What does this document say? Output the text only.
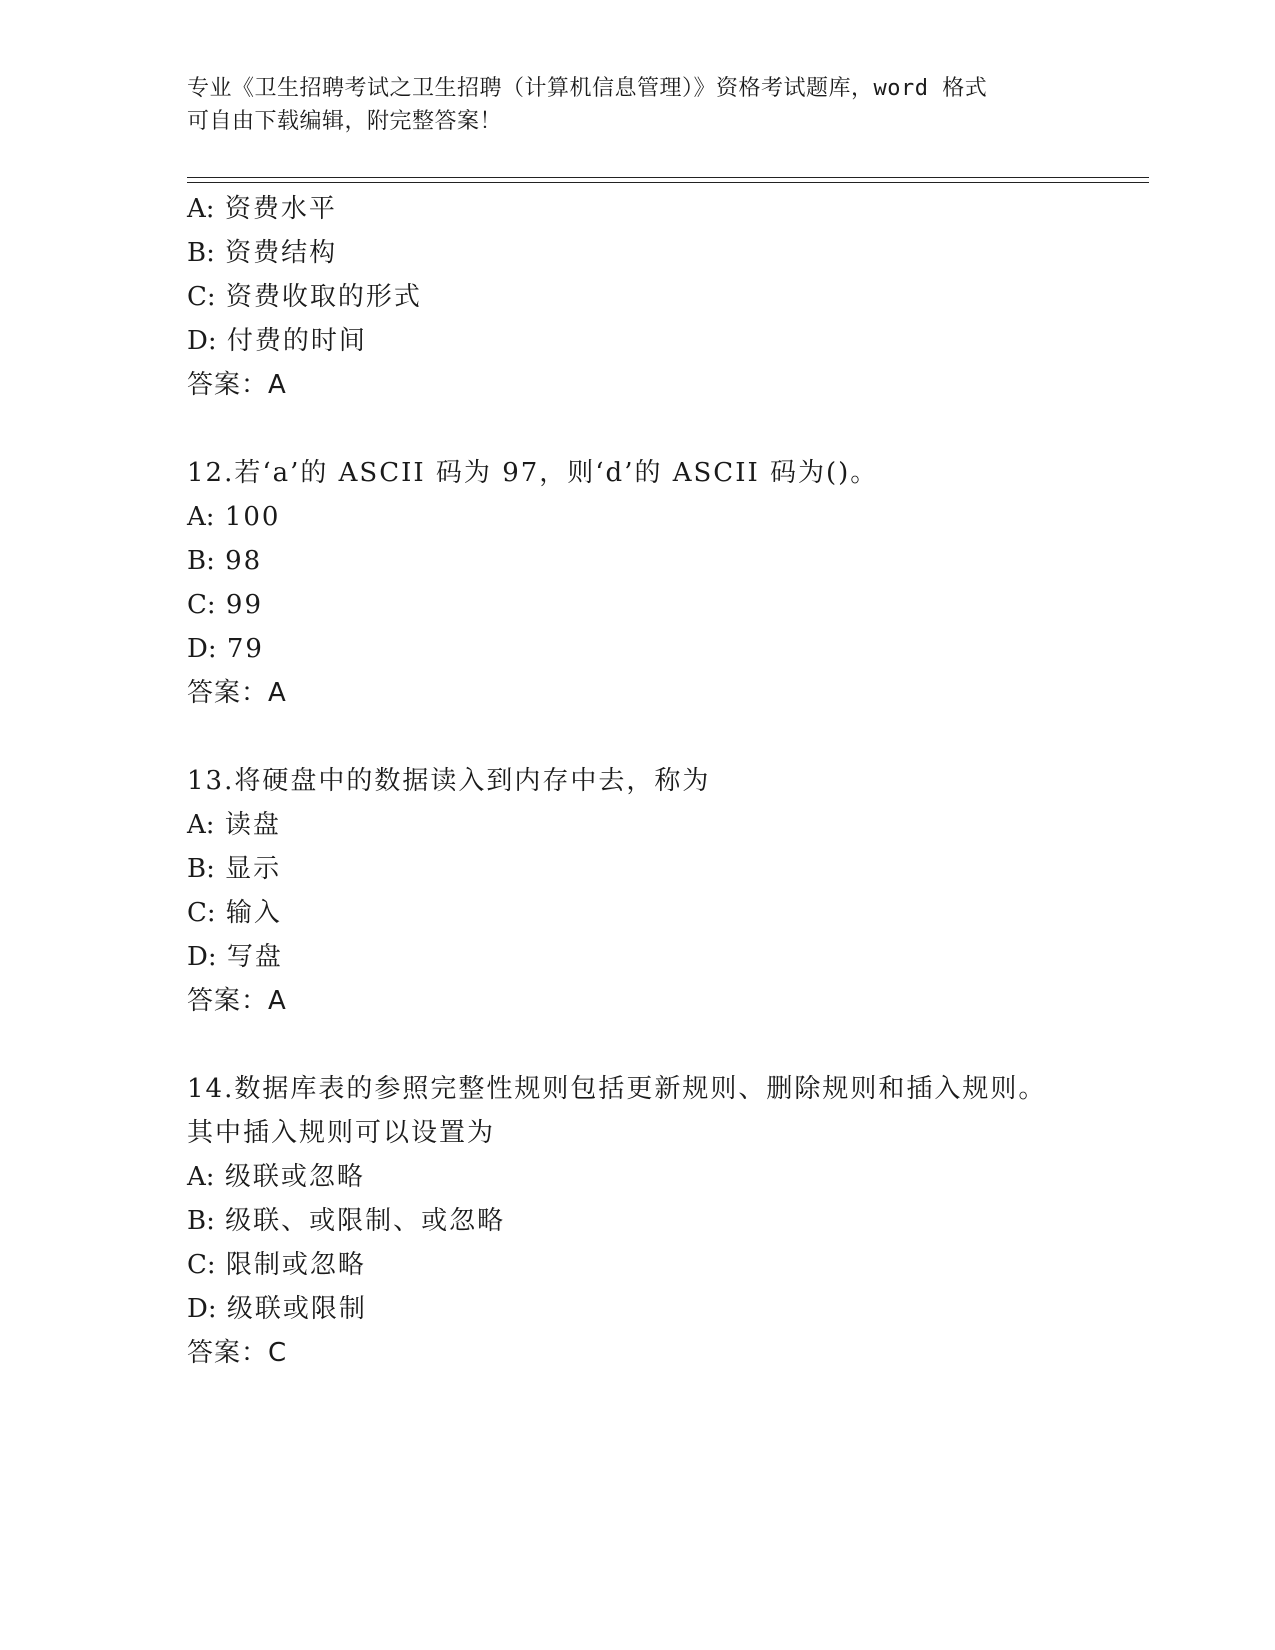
专业《卫生招聘考试之卫生招聘（计算机信息管理）》资格考试题库，word 格式
可自由下载编辑，附完整答案！
A: 资费水平
B: 资费结构
C: 资费收取的形式
D: 付费的时间
答案：A
12.若‘a’的 ASCII 码为 97，则‘d’的 ASCII 码为()。
A: 100
B: 98
C: 99
D: 79
答案：A
13.将硬盘中的数据读入到内存中去，称为
A: 读盘
B: 显示
C: 输入
D: 写盘
答案：A
14.数据库表的参照完整性规则包括更新规则、删除规则和插入规则。
其中插入规则可以设置为
A: 级联或忽略
B: 级联、或限制、或忽略
C: 限制或忽略
D: 级联或限制
答案：C
